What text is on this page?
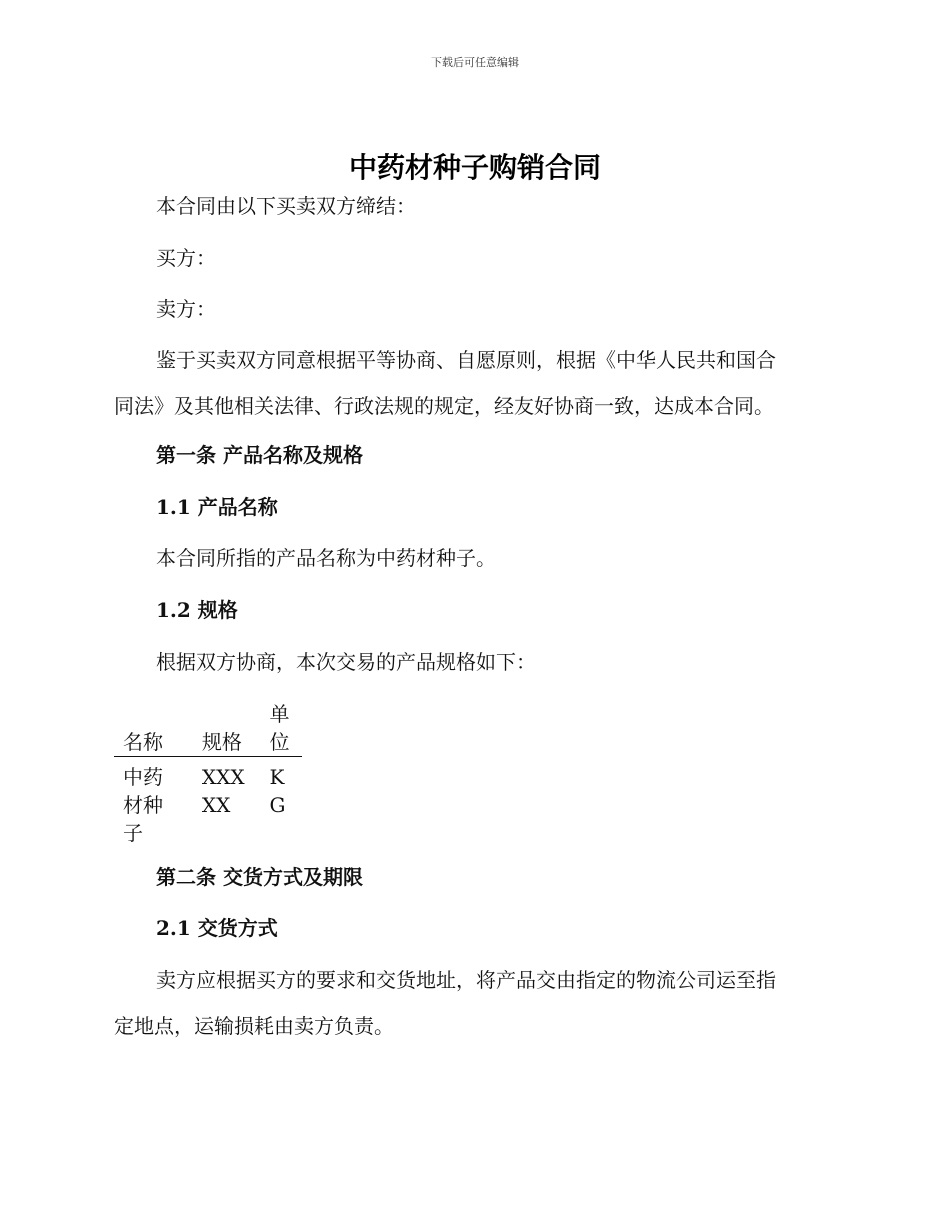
下载后可任意编辑
中药材种子购销合同

本合同由以下买卖双方缔结：

买方：

卖方：

鉴于买卖双方同意根据平等协商、自愿原则，根据《中华人民共和国合

同法》及其他相关法律、行政法规的规定，经友好协商一致，达成本合同。

第一条 产品名称及规格

1.1 产品名称

本合同所指的产品名称为中药材种子。

1.2 规格

根据双方协商，本次交易的产品规格如下：

名称	规格	单位

中药材种子	XXX XX	KG

第二条 交货方式及期限

2.1 交货方式

卖方应根据买方的要求和交货地址，将产品交由指定的物流公司运至指

定地点，运输损耗由卖方负责。
